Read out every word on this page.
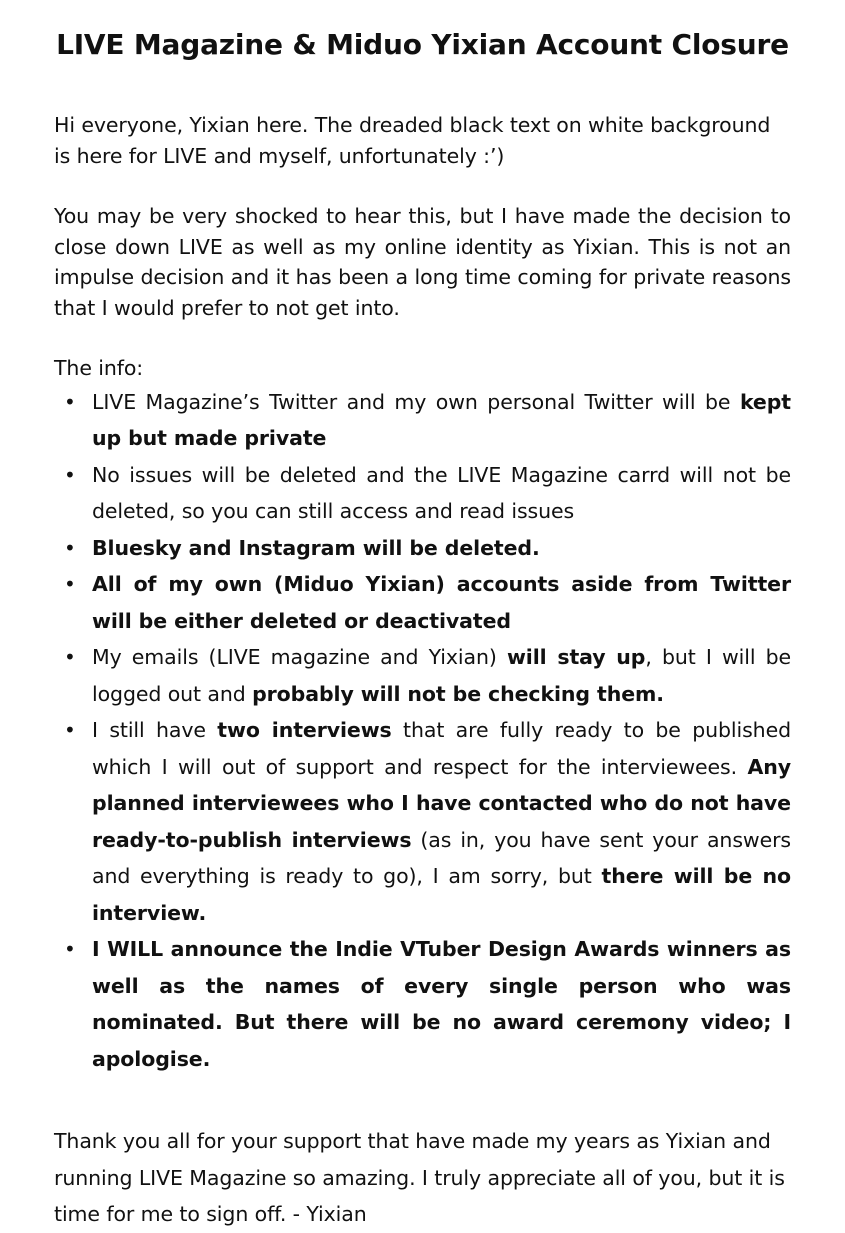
LIVE Magazine & Miduo Yixian Account Closure

Hi everyone, Yixian here. The dreaded black text on white background is here for LIVE and myself, unfortunately :’)

You may be very shocked to hear this, but I have made the decision to close down LIVE as well as my online identity as Yixian. This is not an impulse decision and it has been a long time coming for private reasons that I would prefer to not get into.

The info:

• LIVE Magazine’s Twitter and my own personal Twitter will be kept up but made private
• No issues will be deleted and the LIVE Magazine carrd will not be deleted, so you can still access and read issues
• Bluesky and Instagram will be deleted.
• All of my own (Miduo Yixian) accounts aside from Twitter will be either deleted or deactivated
• My emails (LIVE magazine and Yixian) will stay up, but I will be logged out and probably will not be checking them.
• I still have two interviews that are fully ready to be published which I will out of support and respect for the interviewees. Any planned interviewees who I have contacted who do not have ready-to-publish interviews (as in, you have sent your answers and everything is ready to go), I am sorry, but there will be no interview.
• I WILL announce the Indie VTuber Design Awards winners as well as the names of every single person who was nominated. But there will be no award ceremony video; I apologise.

Thank you all for your support that have made my years as Yixian and running LIVE Magazine so amazing. I truly appreciate all of you, but it is time for me to sign off. - Yixian
